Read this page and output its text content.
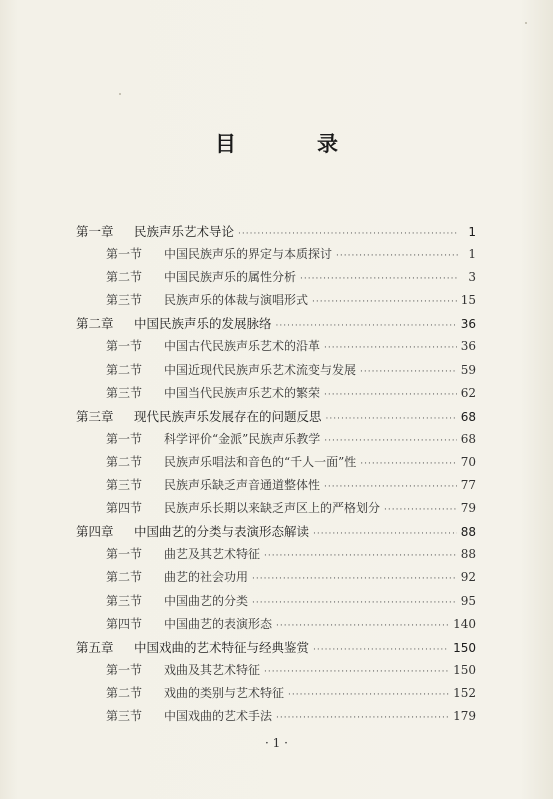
目　录
第一章	民族声乐艺术导论 ·····	1
第一节	中国民族声乐的界定与本质探讨 ·····	1
第二节	中国民族声乐的属性分析 ·····	3
第三节	民族声乐的体裁与演唱形式 ·····	15
第二章	中国民族声乐的发展脉络 ·····	36
第一节	中国古代民族声乐艺术的沿革 ·····	36
第二节	中国近现代民族声乐艺术流变与发展 ·····	59
第三节	中国当代民族声乐艺术的繁荣 ·····	62
第三章	现代民族声乐发展存在的问题反思 ·····	68
第一节	科学评价“金派”民族声乐教学 ·····	68
第二节	民族声乐唱法和音色的“千人一面”性 ·····	70
第三节	民族声乐缺乏声音通道整体性 ·····	77
第四节	民族声乐长期以来缺乏声区上的严格划分 ·····	79
第四章	中国曲艺的分类与表演形态解读 ·····	88
第一节	曲艺及其艺术特征 ·····	88
第二节	曲艺的社会功用 ·····	92
第三节	中国曲艺的分类 ·····	95
第四节	中国曲艺的表演形态 ·····	140
第五章	中国戏曲的艺术特征与经典鉴赏 ·····	150
第一节	戏曲及其艺术特征 ·····	150
第二节	戏曲的类别与艺术特征 ·····	152
第三节	中国戏曲的艺术手法 ·····	179
· 1 ·
